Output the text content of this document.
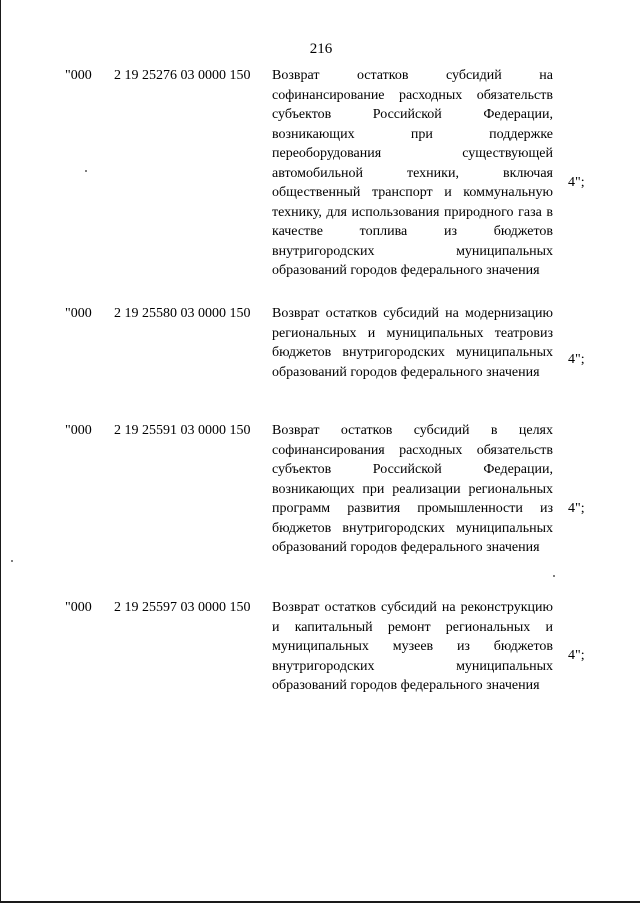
216
"000 2 19 25276 03 0000 150 Возврат остатков субсидий на софинансирование расходных обязательств субъектов Российской Федерации, возникающих при поддержке переоборудования существующей автомобильной техники, включая общественный транспорт и коммунальную технику, для использования природного газа в качестве топлива из бюджетов внутригородских муниципальных образований городов федерального значения
4";
"000 2 19 25580 03 0000 150 Возврат остатков субсидий на модернизацию региональных и муниципальных театровиз бюджетов внутригородских муниципальных образований городов федерального значения
4";
"000 2 19 25591 03 0000 150 Возврат остатков субсидий в целях софинансирования расходных обязательств субъектов Российской Федерации, возникающих при реализации региональных программ развития промышленности из бюджетов внутригородских муниципальных образований городов федерального значения
4";
"000 2 19 25597 03 0000 150 Возврат остатков субсидий на реконструкцию и капитальный ремонт региональных и муниципальных музеев из бюджетов внутригородских муниципальных образований городов федерального значения
4";
